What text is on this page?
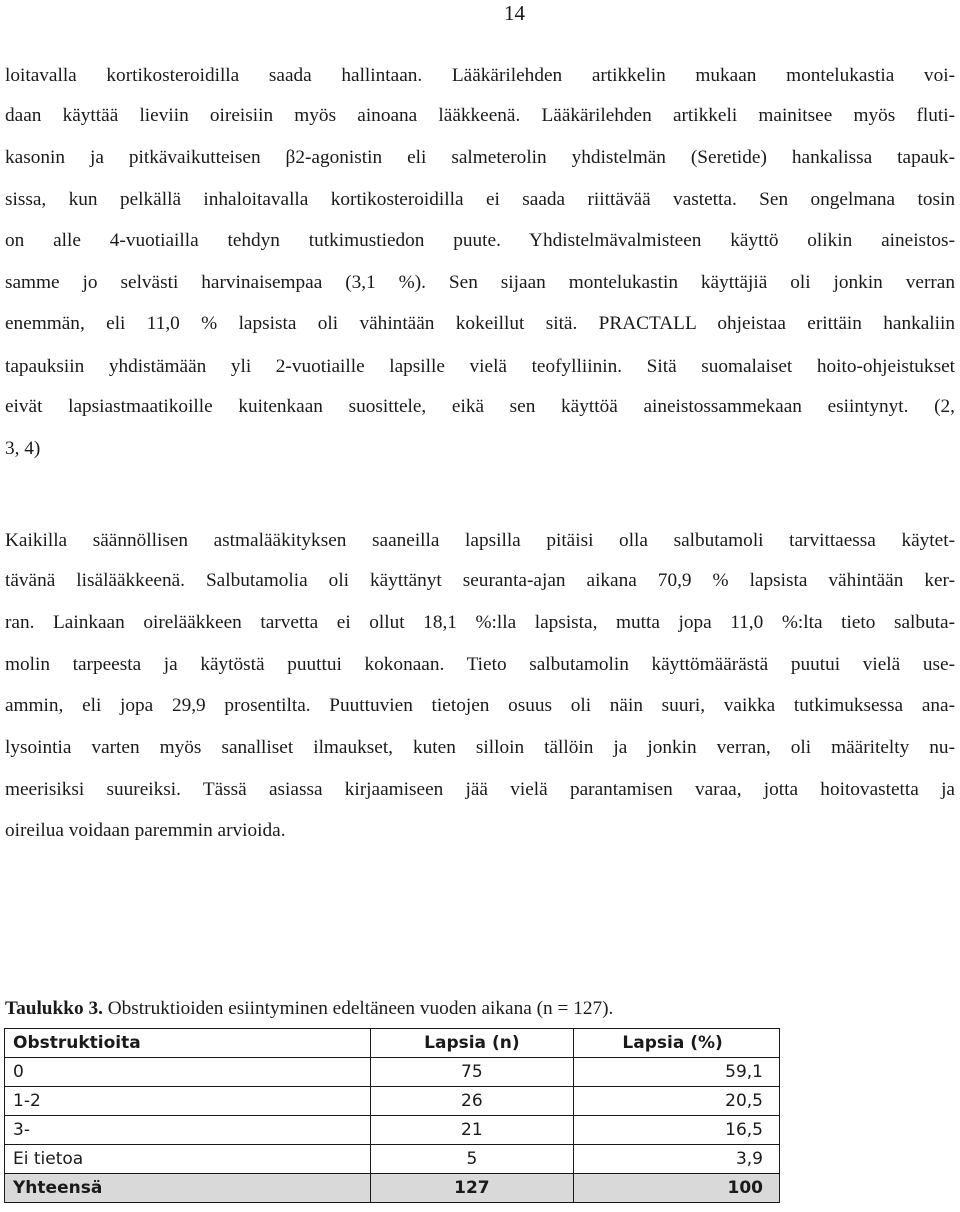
14
loitavalla kortikosteroidilla saada hallintaan. Lääkärilehden artikkelin mukaan montelukastia voi-
daan käyttää lieviin oireisiin myös ainoana lääkkeenä. Lääkärilehden artikkeli mainitsee myös fluti-
kasonin ja pitkävaikutteisen β2-agonistin eli salmeterolin yhdistelmän (Seretide) hankalissa tapauk-
sissa, kun pelkällä inhaloitavalla kortikosteroidilla ei saada riittävää vastetta. Sen ongelmana tosin
on alle 4-vuotiailla tehdyn tutkimustiedon puute. Yhdistelmävalmisteen käyttö olikin aineistos-
samme jo selvästi harvinaisempaa (3,1 %). Sen sijaan montelukastin käyttäjiä oli jonkin verran
enemmän, eli 11,0 % lapsista oli vähintään kokeillut sitä. PRACTALL ohjeistaa erittäin hankaliin
tapauksiin yhdistämään yli 2-vuotiaille lapsille vielä teofylliinin. Sitä suomalaiset hoito-ohjeistukset
eivät lapsiastmaatikoille kuitenkaan suosittele, eikä sen käyttöä aineistossammekaan esiintynyt. (2,
3, 4)
Kaikilla säännöllisen astmalääkityksen saaneilla lapsilla pitäisi olla salbutamoli tarvittaessa käytet-
tävänä lisälääkkeenä. Salbutamolia oli käyttänyt seuranta-ajan aikana 70,9 % lapsista vähintään ker-
ran. Lainkaan oirelääkkeen tarvetta ei ollut 18,1 %:lla lapsista, mutta jopa 11,0 %:lta tieto salbuta-
molin tarpeesta ja käytöstä puuttui kokonaan. Tieto salbutamolin käyttömäärästä puutui vielä use-
ammin, eli jopa 29,9 prosentilta. Puuttuvien tietojen osuus oli näin suuri, vaikka tutkimuksessa ana-
lysointia varten myös sanalliset ilmaukset, kuten silloin tällöin ja jonkin verran, oli määritelty nu-
meerisiksi suureiksi. Tässä asiassa kirjaamiseen jää vielä parantamisen varaa, jotta hoitovastetta ja
oireilua voidaan paremmin arvioida.
Taulukko 3. Obstruktioiden esiintyminen edeltäneen vuoden aikana (n = 127).
Obstruktioita	Lapsia (n)	Lapsia (%)
0	75	59,1
1-2	26	20,5
3-	21	16,5
Ei tietoa	5	3,9
Yhteensä	127	100
